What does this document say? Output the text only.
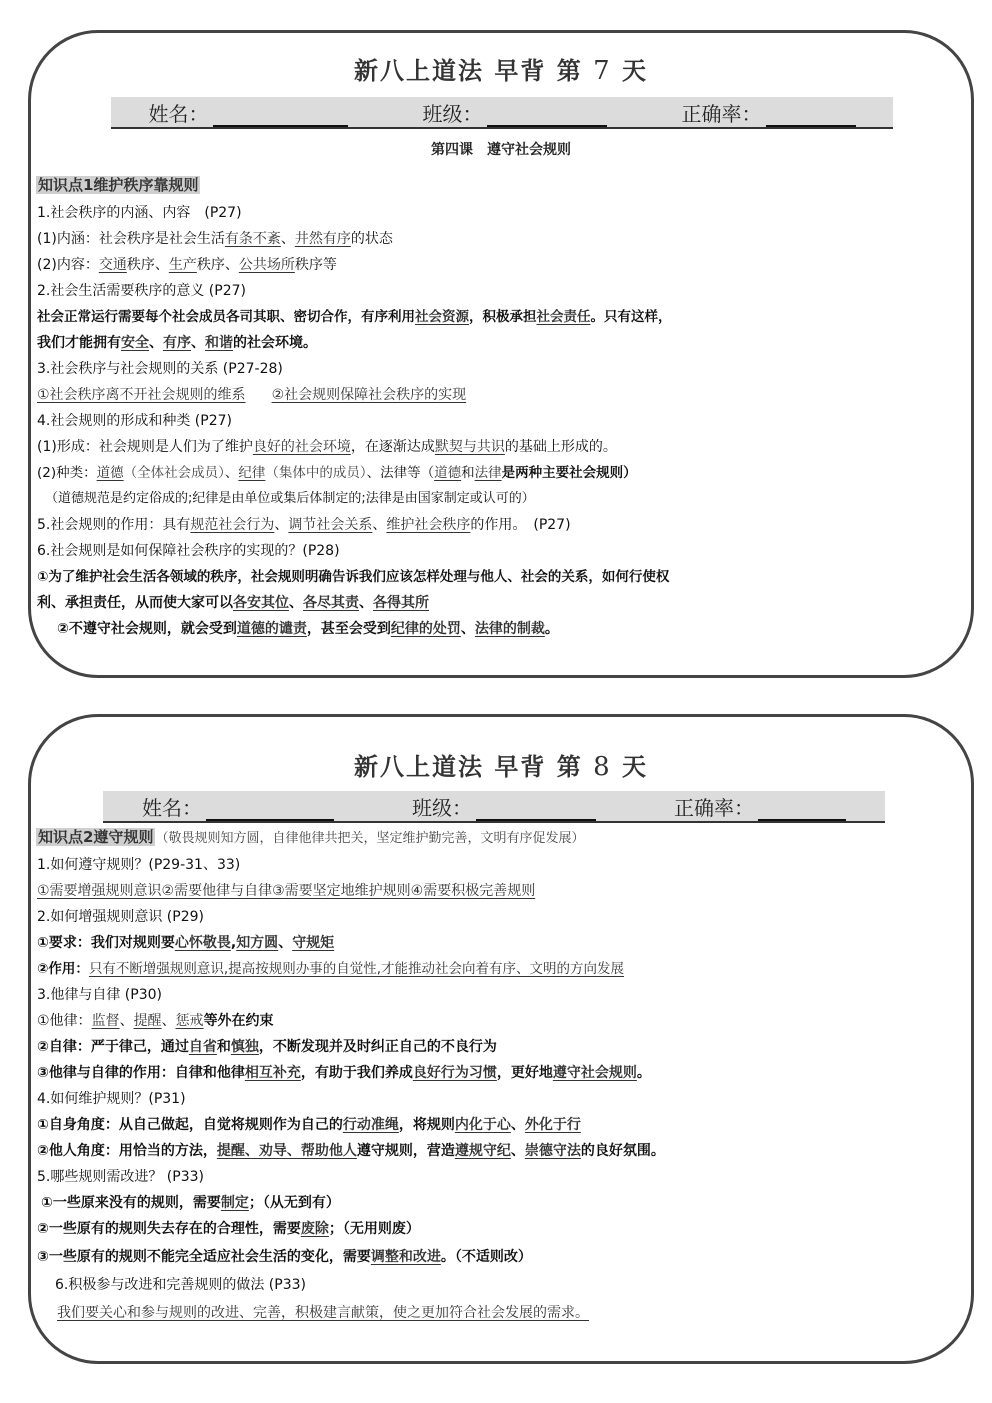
新八上道法 早背 第 7 天
姓名：	班级：	正确率：
第四课　遵守社会规则
知识点1维护秩序靠规则
1.社会秩序的内涵、内容　(P27)
(1)内涵：社会秩序是社会生活有条不紊、井然有序的状态
(2)内容：交通秩序、生产秩序、公共场所秩序等
2.社会生活需要秩序的意义 (P27)
社会正常运行需要每个社会成员各司其职、密切合作，有序利用社会资源，积极承担社会责任。只有这样，
我们才能拥有安全、有序、和谐的社会环境。
3.社会秩序与社会规则的关系 (P27-28)
①社会秩序离不开社会规则的维系 ②社会规则保障社会秩序的实现
4.社会规则的形成和种类 (P27)
(1)形成：社会规则是人们为了维护良好的社会环境，在逐渐达成默契与共识的基础上形成的。
(2)种类：道德（全体社会成员）、纪律（集体中的成员）、法律等（道德和法律是两种主要社会规则）
（道德规范是约定俗成的;纪律是由单位或集后体制定的;法律是由国家制定或认可的）
5.社会规则的作用：具有规范社会行为、调节社会关系、维护社会秩序的作用。　(P27)
6.社会规则是如何保障社会秩序的实现的？(P28)
①为了维护社会生活各领域的秩序，社会规则明确告诉我们应该怎样处理与他人、社会的关系，如何行使权
利、承担责任，从而使大家可以各安其位、各尽其责、各得其所
②不遵守社会规则，就会受到道德的谴责，甚至会受到纪律的处罚、法律的制裁。
新八上道法 早背 第 8 天
姓名：	班级：	正确率：
知识点2遵守规则 （敬畏规则知方圆，自律他律共把关，坚定维护勤完善，文明有序促发展）
1.如何遵守规则？(P29-31、33)
①需要增强规则意识②需要他律与自律③需要坚定地维护规则④需要积极完善规则
2.如何增强规则意识 (P29)
①要求：我们对规则要心怀敬畏,知方圆、守规矩
②作用：只有不断增强规则意识,提高按规则办事的自觉性,才能推动社会向着有序、文明的方向发展
3.他律与自律 (P30)
①他律：监督、提醒、惩戒等外在约束
②自律：严于律己，通过自省和慎独，不断发现并及时纠正自己的不良行为
③他律与自律的作用：自律和他律相互补充，有助于我们养成良好行为习惯，更好地遵守社会规则。
4.如何维护规则？(P31)
①自身角度：从自己做起，自觉将规则作为自己的行动准绳，将规则内化于心、外化于行
②他人角度：用恰当的方法，提醒、劝导、帮助他人遵守规则，营造遵规守纪、崇德守法的良好氛围。
5.哪些规则需改进？ (P33)
①一些原来没有的规则，需要制定；（从无到有）
②一些原有的规则失去存在的合理性，需要废除；（无用则废）
③一些原有的规则不能完全适应社会生活的变化，需要调整和改进。（不适则改）
6.积极参与改进和完善规则的做法 (P33)
我们要关心和参与规则的改进、完善，积极建言献策，使之更加符合社会发展的需求。
